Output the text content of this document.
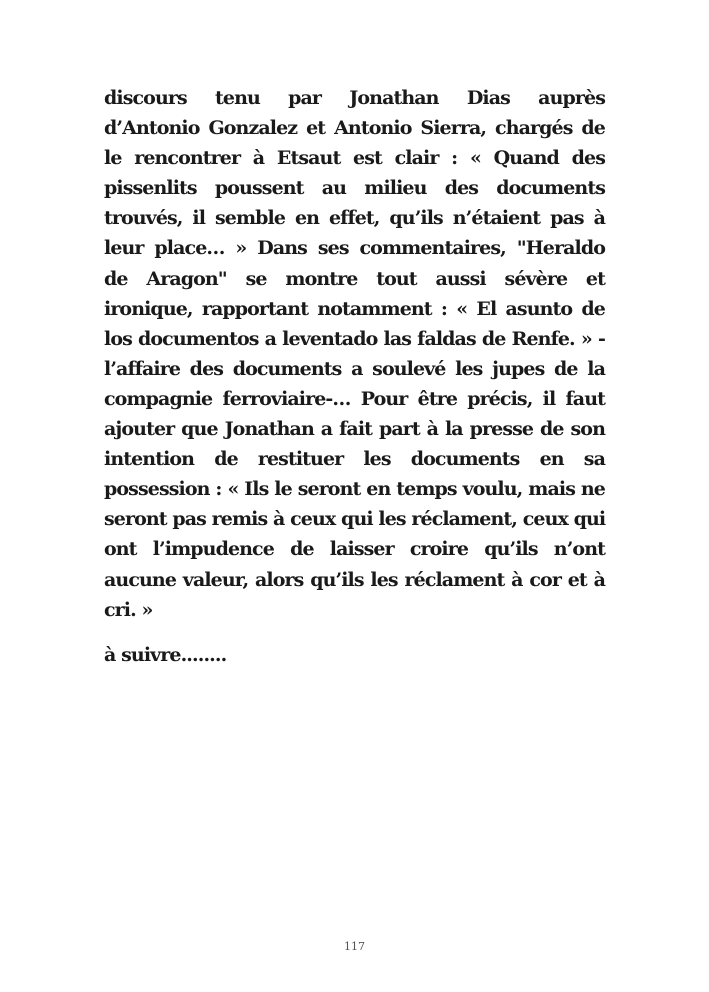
discours tenu par Jonathan Dias auprès
d’Antonio Gonzalez et Antonio Sierra, chargés de
le rencontrer à Etsaut est clair : « Quand des
pissenlits poussent au milieu des documents
trouvés, il semble en effet, qu’ils n’étaient pas à
leur place… » Dans ses commentaires, "Heraldo
de Aragon" se montre tout aussi sévère et
ironique, rapportant notamment : « El asunto de
los documentos a leventado las faldas de Renfe. » -
l’affaire des documents a soulevé les jupes de la
compagnie ferroviaire-… Pour être précis, il faut
ajouter que Jonathan a fait part à la presse de son
intention de restituer les documents en sa
possession : « Ils le seront en temps voulu, mais ne
seront pas remis à ceux qui les réclament, ceux qui
ont l’impudence de laisser croire qu’ils n’ont
aucune valeur, alors qu’ils les réclament à cor et à
cri. »
à suivre........
117
